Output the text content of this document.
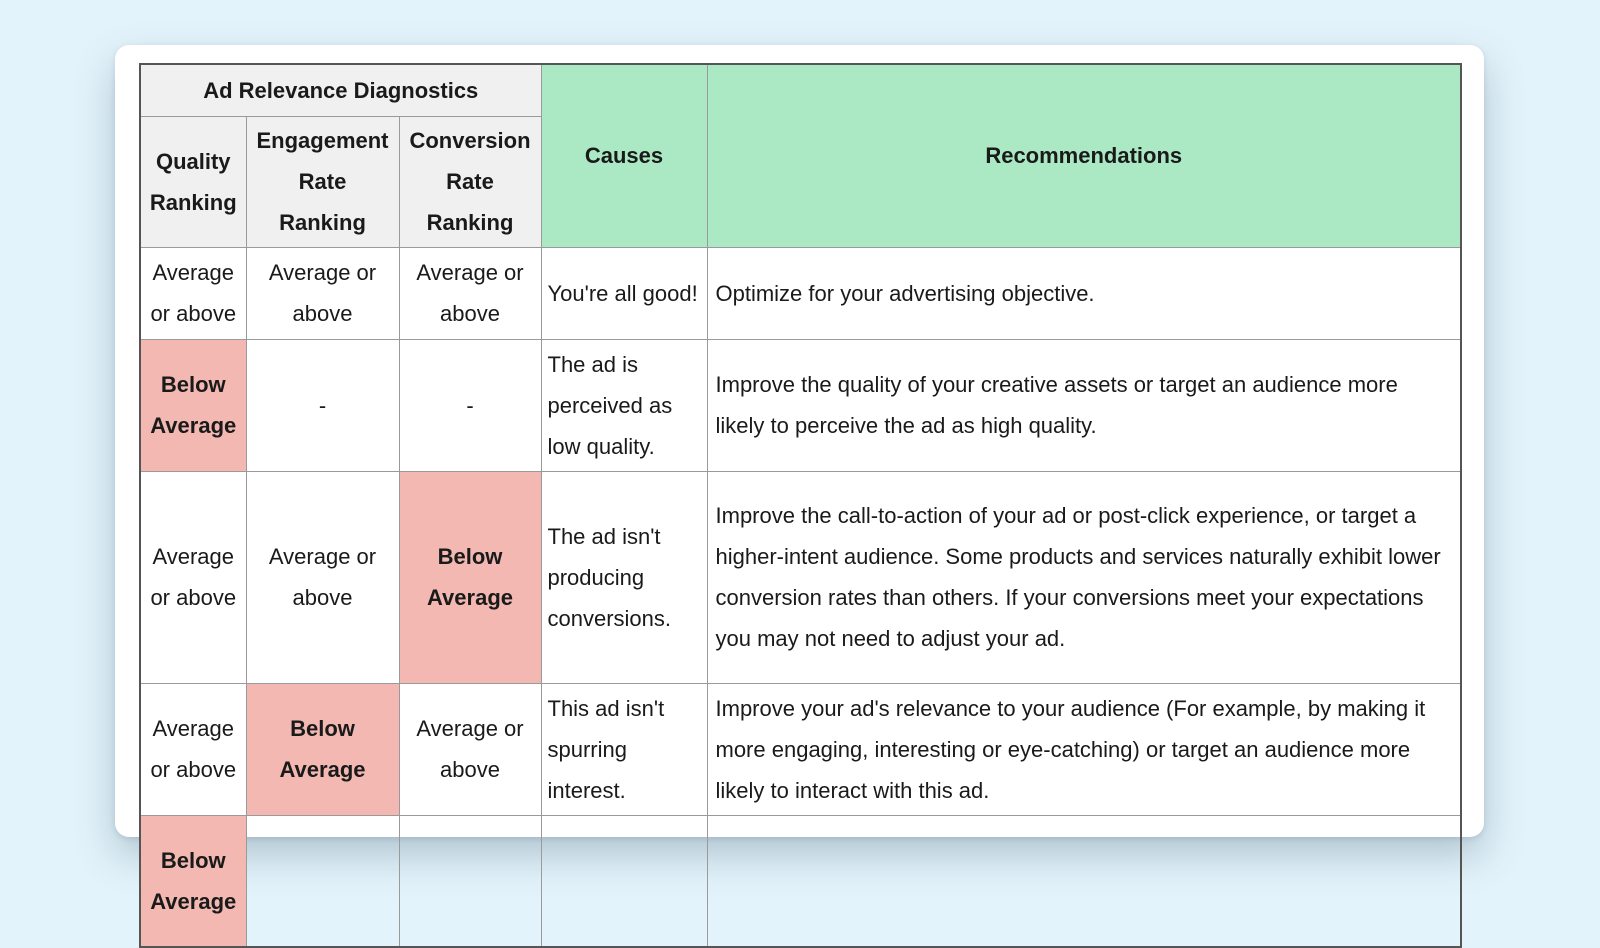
Ad Relevance Diagnostics			Causes	Recommendations
Quality Ranking	Engagement Rate Ranking	Conversion Rate Ranking		
Average or above	Average or above	Average or above	You're all good!	Optimize for your advertising objective.
Below Average	-	-	The ad is perceived as low quality.	Improve the quality of your creative assets or target an audience more likely to perceive the ad as high quality.
Average or above	Average or above	Below Average	The ad isn't producing conversions.	Improve the call-to-action of your ad or post-click experience, or target a higher-intent audience. Some products and services naturally exhibit lower conversion rates than others. If your conversions meet your expectations you may not need to adjust your ad.
Average or above	Below Average	Average or above	This ad isn't spurring interest.	Improve your ad's relevance to your audience (For example, by making it more engaging, interesting or eye-catching) or target an audience more likely to interact with this ad.
Below Average				
